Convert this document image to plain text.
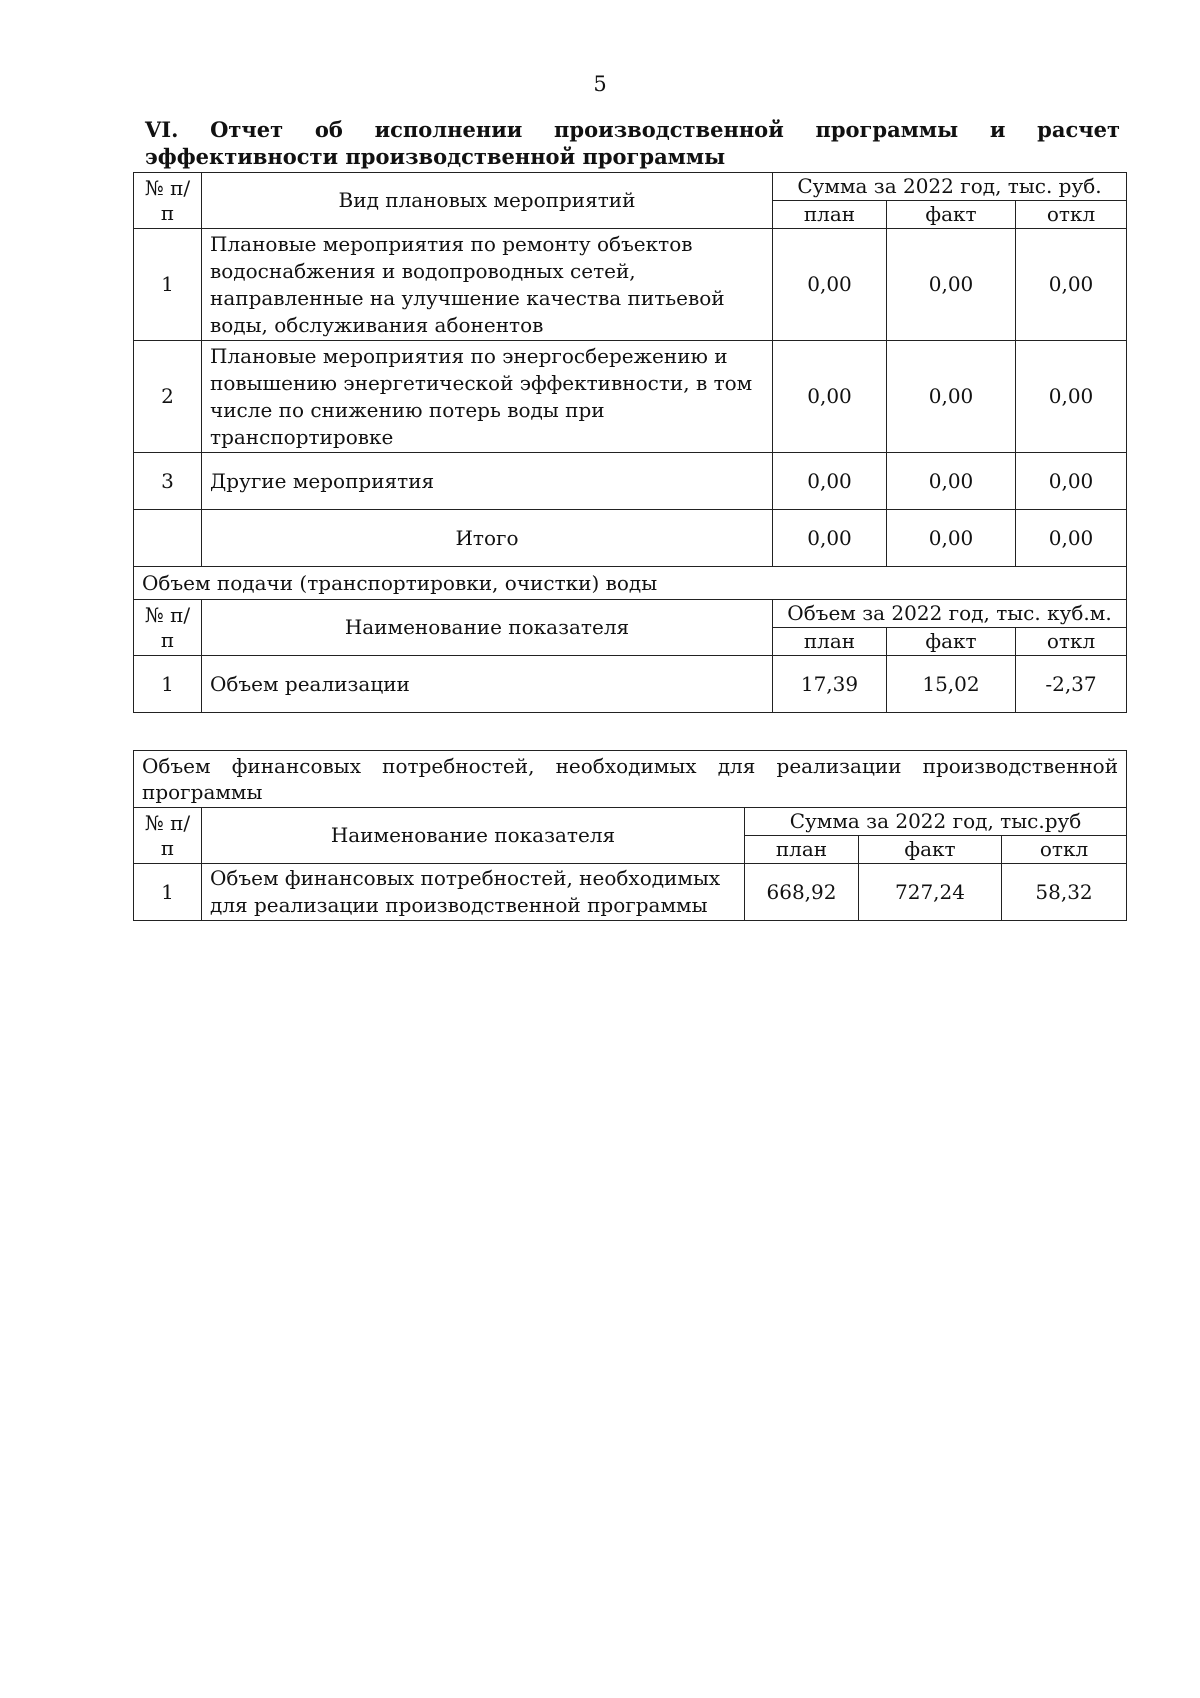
5
VI. Отчет об исполнении производственной программы и расчет эффективности производственной программы
№ п/п	Вид плановых мероприятий	Сумма за 2022 год, тыс. руб.		
		план	факт	откл
1	Плановые мероприятия по ремонту объектов водоснабжения и водопроводных сетей, направленные на улучшение качества питьевой воды, обслуживания абонентов	0,00	0,00	0,00
2	Плановые мероприятия по энергосбережению и повышению энергетической эффективности, в том числе по снижению потерь воды при транспортировке	0,00	0,00	0,00
3	Другие мероприятия	0,00	0,00	0,00
	Итого	0,00	0,00	0,00
Объем подачи (транспортировки, очистки) воды				
№ п/п	Наименование показателя	Объем за 2022 год, тыс. куб.м.		
		план	факт	откл
1	Объем реализации	17,39	15,02	-2,37
Объем финансовых потребностей, необходимых для реализации производственной программы				
№ п/п	Наименование показателя	Сумма за 2022 год, тыс.руб		
		план	факт	откл
1	Объем финансовых потребностей, необходимых для реализации производственной программы	668,92	727,24	58,32
